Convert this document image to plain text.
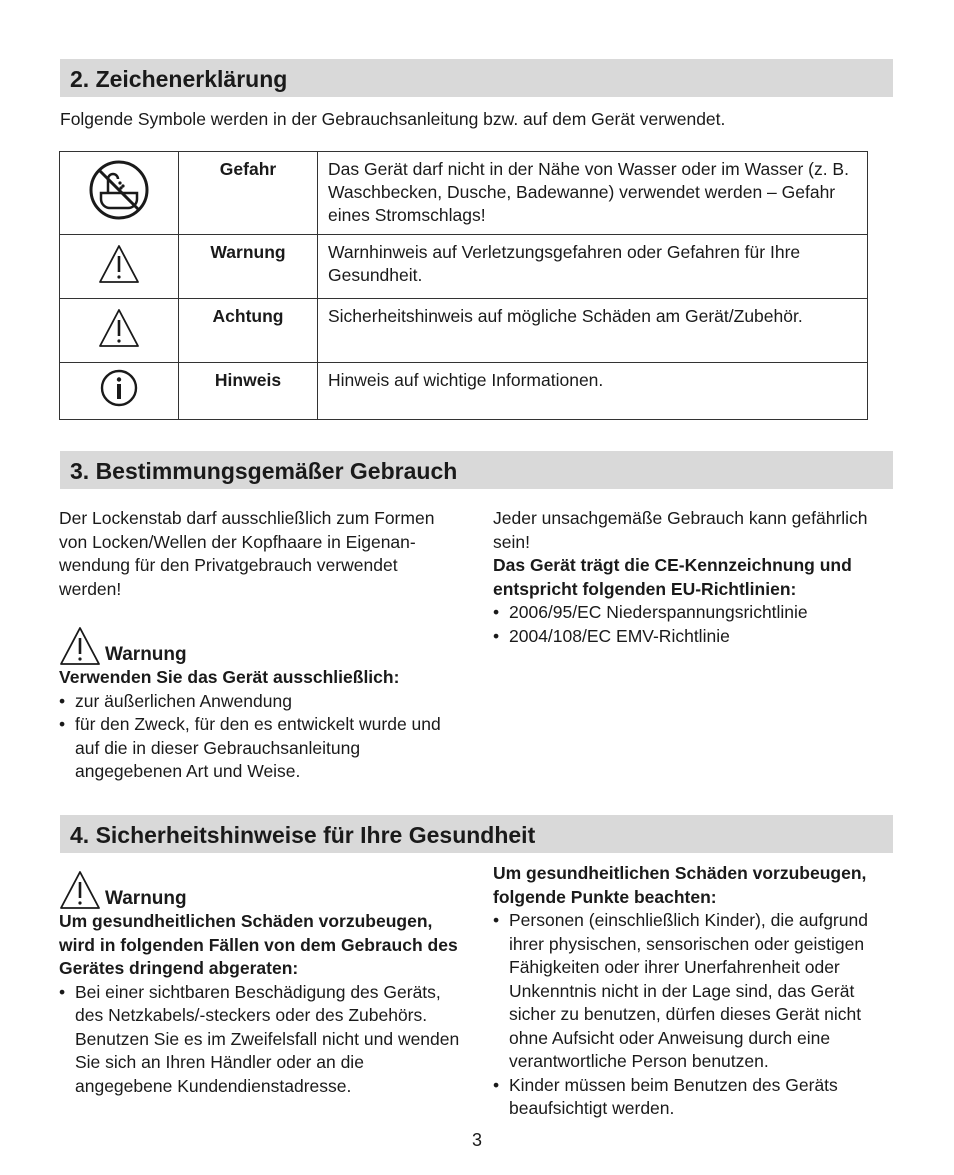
2. Zeichenerklärung
Folgende Symbole werden in der Gebrauchsanleitung bzw. auf dem Gerät verwendet.
	Gefahr	Das Gerät darf nicht in der Nähe von Wasser oder im Wasser (z. B. Waschbecken, Dusche, Badewanne) verwendet werden – Gefahr eines Stromschlags!
	Warnung	Warnhinweis auf Verletzungsgefahren oder Gefahren für Ihre Gesundheit.
	Achtung	Sicherheitshinweis auf mögliche Schäden am Gerät/Zubehör.
	Hinweis	Hinweis auf wichtige Informationen.
3. Bestimmungsgemäßer Gebrauch

Der Lockenstab darf ausschließlich zum Formen von Locken/Wellen der Kopfhaare in Eigenanwendung für den Privatgebrauch verwendet werden!

Warnung

Verwenden Sie das Gerät ausschließlich:

• zur äußerlichen Anwendung
• für den Zweck, für den es entwickelt wurde und auf die in dieser Gebrauchsanleitung angegebenen Art und Weise.

Jeder unsachgemäße Gebrauch kann gefährlich sein!

Das Gerät trägt die CE-Kennzeichnung und entspricht folgenden EU-Richtlinien:

• 2006/95/EC Niederspannungsrichtlinie
• 2004/108/EC EMV-Richtlinie
4. Sicherheitshinweise für Ihre Gesundheit
Warnung

Um gesundheitlichen Schäden vorzubeugen, wird in folgenden Fällen von dem Gebrauch des Gerätes dringend abgeraten:

• Bei einer sichtbaren Beschädigung des Geräts, des Netzkabels/-steckers oder des Zubehörs. Benutzen Sie es im Zweifelsfall nicht und wenden Sie sich an Ihren Händler oder an die angegebene Kundendienstadresse.

Um gesundheitlichen Schäden vorzubeugen, folgende Punkte beachten:

• Personen (einschließlich Kinder), die aufgrund ihrer physischen, sensorischen oder geistigen Fähigkeiten oder ihrer Unerfahrenheit oder Unkenntnis nicht in der Lage sind, das Gerät sicher zu benutzen, dürfen dieses Gerät nicht ohne Aufsicht oder Anweisung durch eine verantwortliche Person benutzen.
• Kinder müssen beim Benutzen des Geräts beaufsichtigt werden.
3
